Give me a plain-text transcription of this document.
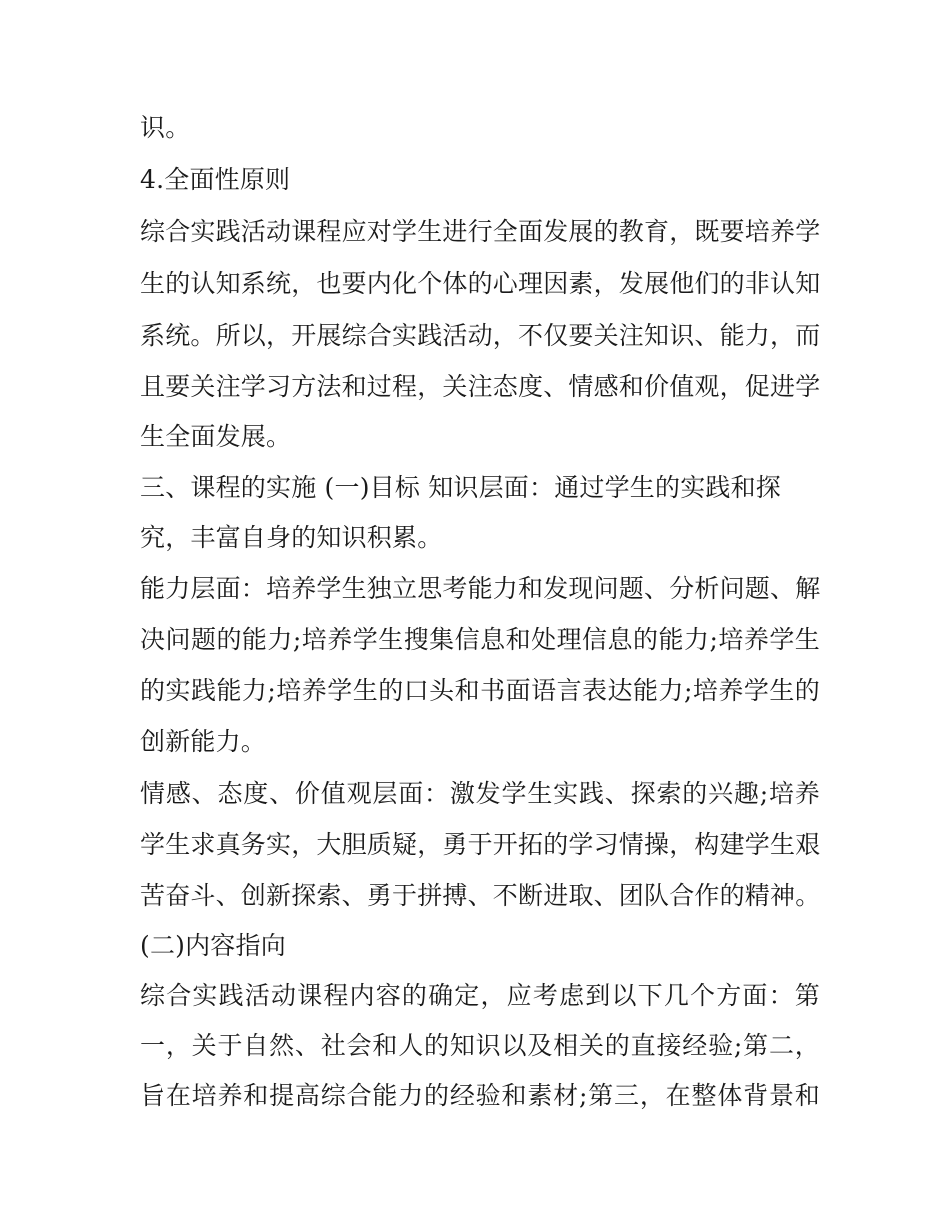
识。
4.全面性原则
综合实践活动课程应对学生进行全面发展的教育，既要培养学
生的认知系统，也要内化个体的心理因素，发展他们的非认知
系统。所以，开展综合实践活动，不仅要关注知识、能力，而
且要关注学习方法和过程，关注态度、情感和价值观，促进学
生全面发展。
三、课程的实施 (一)目标 知识层面：通过学生的实践和探
究，丰富自身的知识积累。
能力层面：培养学生独立思考能力和发现问题、分析问题、解
决问题的能力;培养学生搜集信息和处理信息的能力;培养学生
的实践能力;培养学生的口头和书面语言表达能力;培养学生的
创新能力。
情感、态度、价值观层面：激发学生实践、探索的兴趣;培养
学生求真务实，大胆质疑，勇于开拓的学习情操，构建学生艰
苦奋斗、创新探索、勇于拼搏、不断进取、团队合作的精神。
(二)内容指向
综合实践活动课程内容的确定，应考虑到以下几个方面：第
一，关于自然、社会和人的知识以及相关的直接经验;第二，
旨在培养和提高综合能力的经验和素材;第三，在整体背景和
